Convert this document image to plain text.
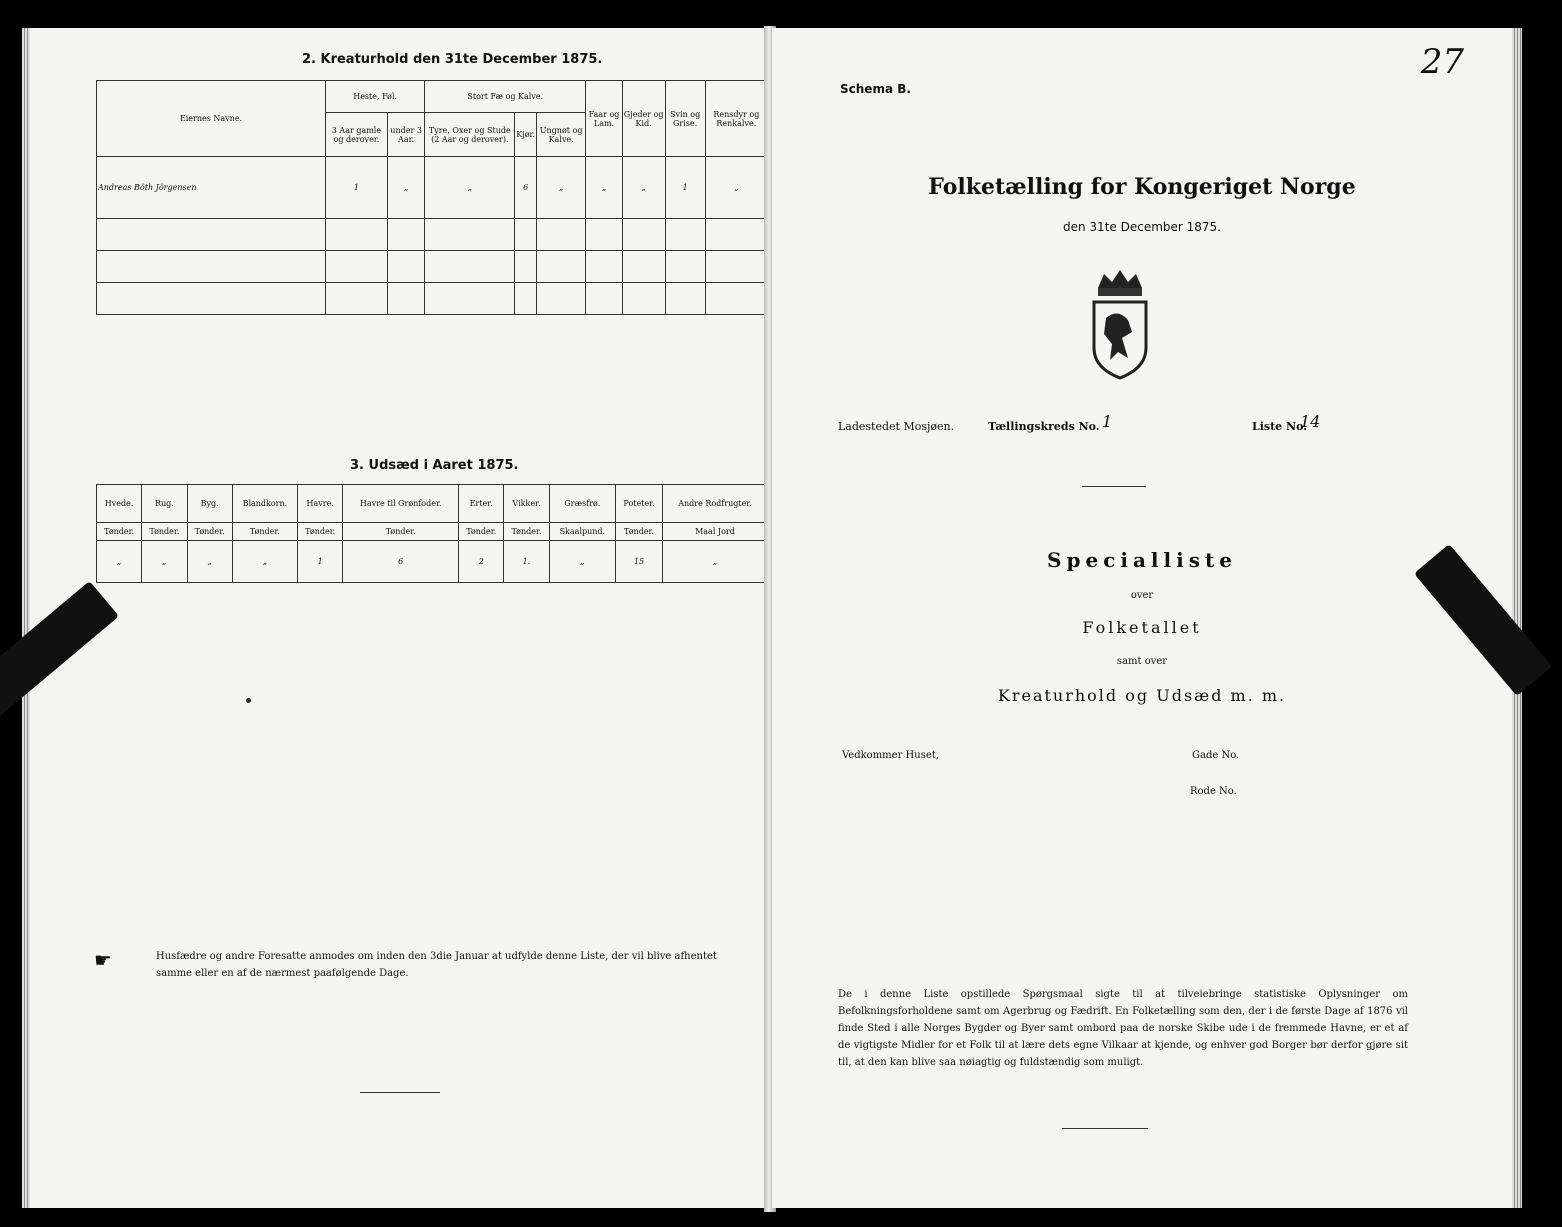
2. Kreaturhold den 31te December 1875.
Eiernes Navne.	Heste, Føl.		Stort Fæ og Kalve.			Faar og Lam.	Gjeder og Kid.	Svin og Grise.	Rensdyr og Renkalve.
	3 Aar gamle og derover.	under 3 Aar.	Tyre, Oxer og Stude (2 Aar og derover).	Kjør.	Ungnøt og Kalve.				
Andreas Böth Jörgensen	1	„	„	6	„	„	„	1	„

3. Udsæd i Aaret 1875.
Hvede.	Rug.	Byg.	Blandkorn.	Havre.	Havre til Grønfoder.	Erter.	Vikker.	Græsfrø.	Poteter.	Andre Rodfrugter.
Tønder.	Tønder.	Tønder.	Tønder.	Tønder.	Tønder.	Tønder.	Tønder.	Skaalpund.	Tønder.	Maal Jord
„	„	„	„	1	6	2	1.	„	15	„
☛	Husfædre og andre Foresatte anmodes om inden den 3die Januar at udfylde denne Liste, der vil blive afhentet samme eller en af de nærmest paafølgende Dage.
27
Schema B.
Folketælling for Kongeriget Norge
den 31te December 1875.
Ladestedet Mosjøen.	Tællingskreds No. 1	Liste No.
14
Specialliste
over
Folketallet
samt over
Kreaturhold og Udsæd m. m.
Vedkommer Huset,	Gade No.
Rode No.
De i denne Liste opstillede Spørgsmaal sigte til at tilveiebringe statistiske Oplysninger om Befolkningsforholdene samt om Agerbrug og Fædrift. En Folketælling som den, der i de første Dage af 1876 vil finde Sted i alle Norges Bygder og Byer samt ombord paa de norske Skibe ude i de fremmede Havne, er et af de vigtigste Midler for et Folk til at lære dets egne Vilkaar at kjende, og enhver god Borger bør derfor gjøre sit til, at den kan blive saa nøiagtig og fuldstændig som muligt.
